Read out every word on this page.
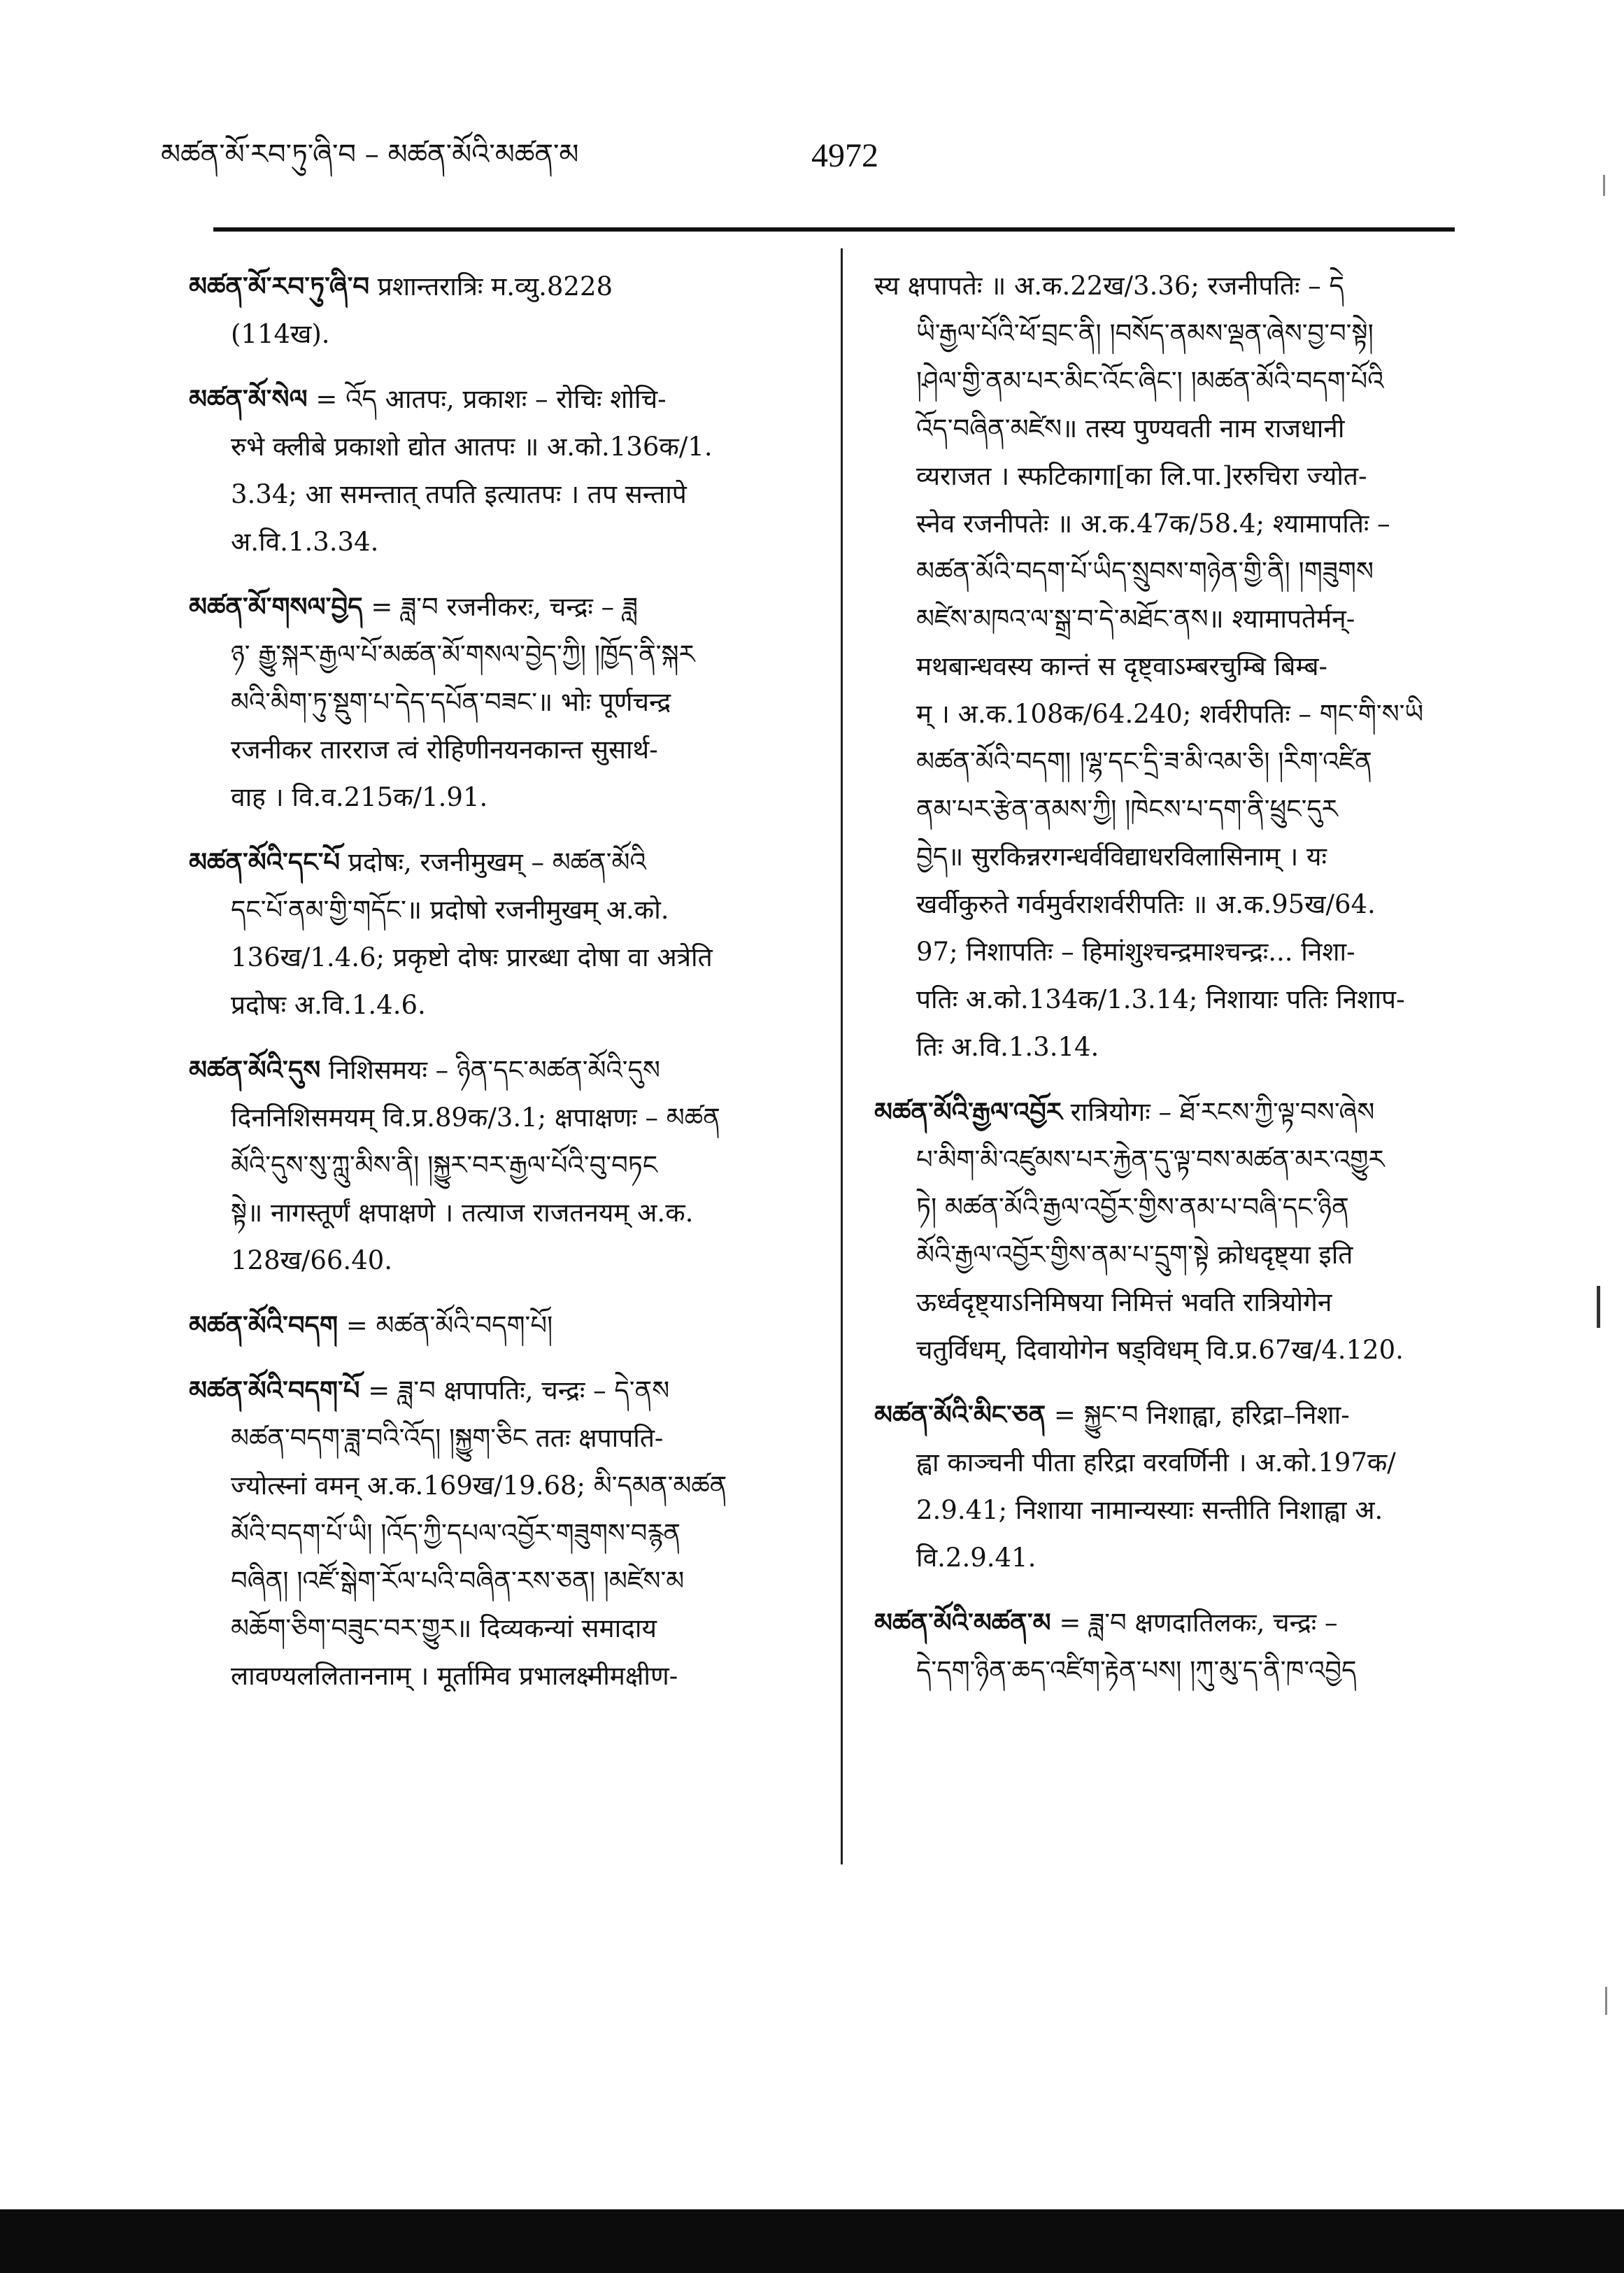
མཚན་མོ་རབ་ཏུ་ཞི་བ – མཚན་མོའི་མཚན་མ	4972
མཚན་མོ་རབ་ཏུ་ཞི་བ प्रशान्तरात्रिः म.व्यु.8228
(114ख).
མཚན་མོ་སེལ = འོད आतपः, प्रकाशः – रोचिः शोचि-
रुभे क्लीबे प्रकाशो द्योत आतपः ॥ अ.को.136क/1.
3.34; आ समन्तात् तपति इत्यातपः । तप सन्तापे
अ.वि.1.3.34.
མཚན་མོ་གསལ་བྱེད = ཟླ་བ रजनीकरः, चन्द्रः – ཟླ
ཉ་ རྒྱུ་སྐར་རྒྱལ་པོ་མཚན་མོ་གསལ་བྱེད་ཀྱི། །ཁྱོད་ནི་སྐར
མའི་མིག་ཏུ་སྡུག་པ་དེད་དཔོན་བཟང་॥ भोः पूर्णचन्द्र
रजनीकर तारराज त्वं रोहिणीनयनकान्त सुसार्थ-
वाह । वि.व.215क/1.91.
མཚན་མོའི་དང་པོ प्रदोषः, रजनीमुखम् – མཚན་མོའི
དང་པོ་ནམ་གྱི་གདོང་॥ प्रदोषो रजनीमुखम् अ.को.
136ख/1.4.6; प्रकृष्टो दोषः प्रारब्धा दोषा वा अत्रेति
प्रदोषः अ.वि.1.4.6.
མཚན་མོའི་དུས निशिसमयः – ཉིན་དང་མཚན་མོའི་དུས
दिननिशिसमयम् वि.प्र.89क/3.1; क्षपाक्षणः – མཚན
མོའི་དུས་སུ་ཀླུ་མིས་ནི། །སྐྱུར་བར་རྒྱལ་པོའི་བུ་བཏང
སྟེ॥ नागस्तूर्णं क्षपाक्षणे । तत्याज राजतनयम् अ.क.
128ख/66.40.
མཚན་མོའི་བདག = མཚན་མོའི་བདག་པོ།
མཚན་མོའི་བདག་པོ = ཟླ་བ क्षपापतिः, चन्द्रः – དེ་ནས
མཚན་བདག་ཟླ་བའི་འོད། །སྐྱུག་ཅིང ततः क्षपापति-
ज्योत्स्नां वमन् अ.क.169ख/19.68; མི་དམན་མཚན
མོའི་བདག་པོ་ཡི། །འོད་ཀྱི་དཔལ་འབྱོར་གཟུགས་བརྙན
བཞིན། །འཛོ་སྒེག་རོལ་པའི་བཞིན་རས་ཅན། །མཛེས་མ
མཆོག་ཅིག་བཟུང་བར་གྱུར॥ दिव्यकन्यां समादाय
लावण्यललिताननाम् । मूर्तामिव प्रभालक्ष्मीमक्षीण-
स्य क्षपापतेः ॥ अ.क.22ख/3.36; रजनीपतिः – དེ
ཡི་རྒྱལ་པོའི་ཕོ་བྲང་ནི། །བསོད་ནམས་ལྡན་ཞེས་བྱ་བ་སྟེ།
།ཤེལ་གྱི་ནམ་པར་མིང་འོང་ཞིང་། །མཚན་མོའི་བདག་པོའི
འོད་བཞིན་མཛེས॥ तस्य पुण्यवती नाम राजधानी
व्यराजत । स्फटिकागा[का लि.पा.]ररुचिरा ज्योत-
स्नेव रजनीपतेः ॥ अ.क.47क/58.4; श्यामापतिः –
མཚན་མོའི་བདག་པོ་ཡིད་སྲུབས་གཉེན་གྱི་ནི། །གཟུགས
མཛེས་མཁའ་ལ་སྒྲ་བ་དེ་མཐོང་ནས॥ श्यामापतेर्मन्-
मथबान्धवस्य कान्तं स दृष्ट्वाऽम्बरचुम्बि बिम्ब-
म् । अ.क.108क/64.240; शर्वरीपतिः – གང་གི་ས་ཡི
མཚན་མོའི་བདག། །ལྷ་དང་དྲི་ཟ་མི་འམ་ཅི། །རིག་འཛིན
ནམ་པར་རྩེན་ནམས་ཀྱི། །ཁེངས་པ་དག་ནི་ཕྲུང་དུར
བྱེད॥ सुरकिन्नरगन्धर्वविद्याधरविलासिनाम् । यः
खर्वीकुरुते गर्वमुर्वराशर्वरीपतिः ॥ अ.क.95ख/64.
97; निशापतिः – हिमांशुश्चन्द्रमाश्चन्द्रः... निशा-
पतिः अ.को.134क/1.3.14; निशायाः पतिः निशाप-
तिः अ.वि.1.3.14.
མཚན་མོའི་རྒྱལ་འབྱོར रात्रियोगः – ཐོ་རངས་ཀྱི་ལྟ་བས་ཞེས
པ་མིག་མི་འཛུམས་པར་རྐྱེན་དུ་ལྟ་བས་མཚན་མར་འགྱུར
ཏེ། མཚན་མོའི་རྒྱལ་འབྱོར་གྱིས་ནམ་པ་བཞི་དང་ཉིན
མོའི་རྒྱལ་འབྱོར་གྱིས་ནམ་པ་དྲུག་སྟེ क्रोधदृष्ट्या इति
ऊर्ध्वदृष्ट्याऽनिमिषया निमित्तं भवति रात्रियोगेन
चतुर्विधम्, दिवायोगेन षड्विधम् वि.प्र.67ख/4.120.
མཚན་མོའི་མིང་ཅན = སྐྱུང་བ निशाह्वा, हरिद्रा–निशा-
ह्वा काञ्चनी पीता हरिद्रा वरवर्णिनी । अ.को.197क/
2.9.41; निशाया नामान्यस्याः सन्तीति निशाह्वा अ.
वि.2.9.41.
མཚན་མོའི་མཚན་མ = ཟླ་བ क्षणदातिलकः, चन्द्रः –
དེ་དག་ཉིན་ཆད་འཛིག་རྟེན་པས། །ཀུ་མུ་ད་ནི་ཁ་འབྱེད
